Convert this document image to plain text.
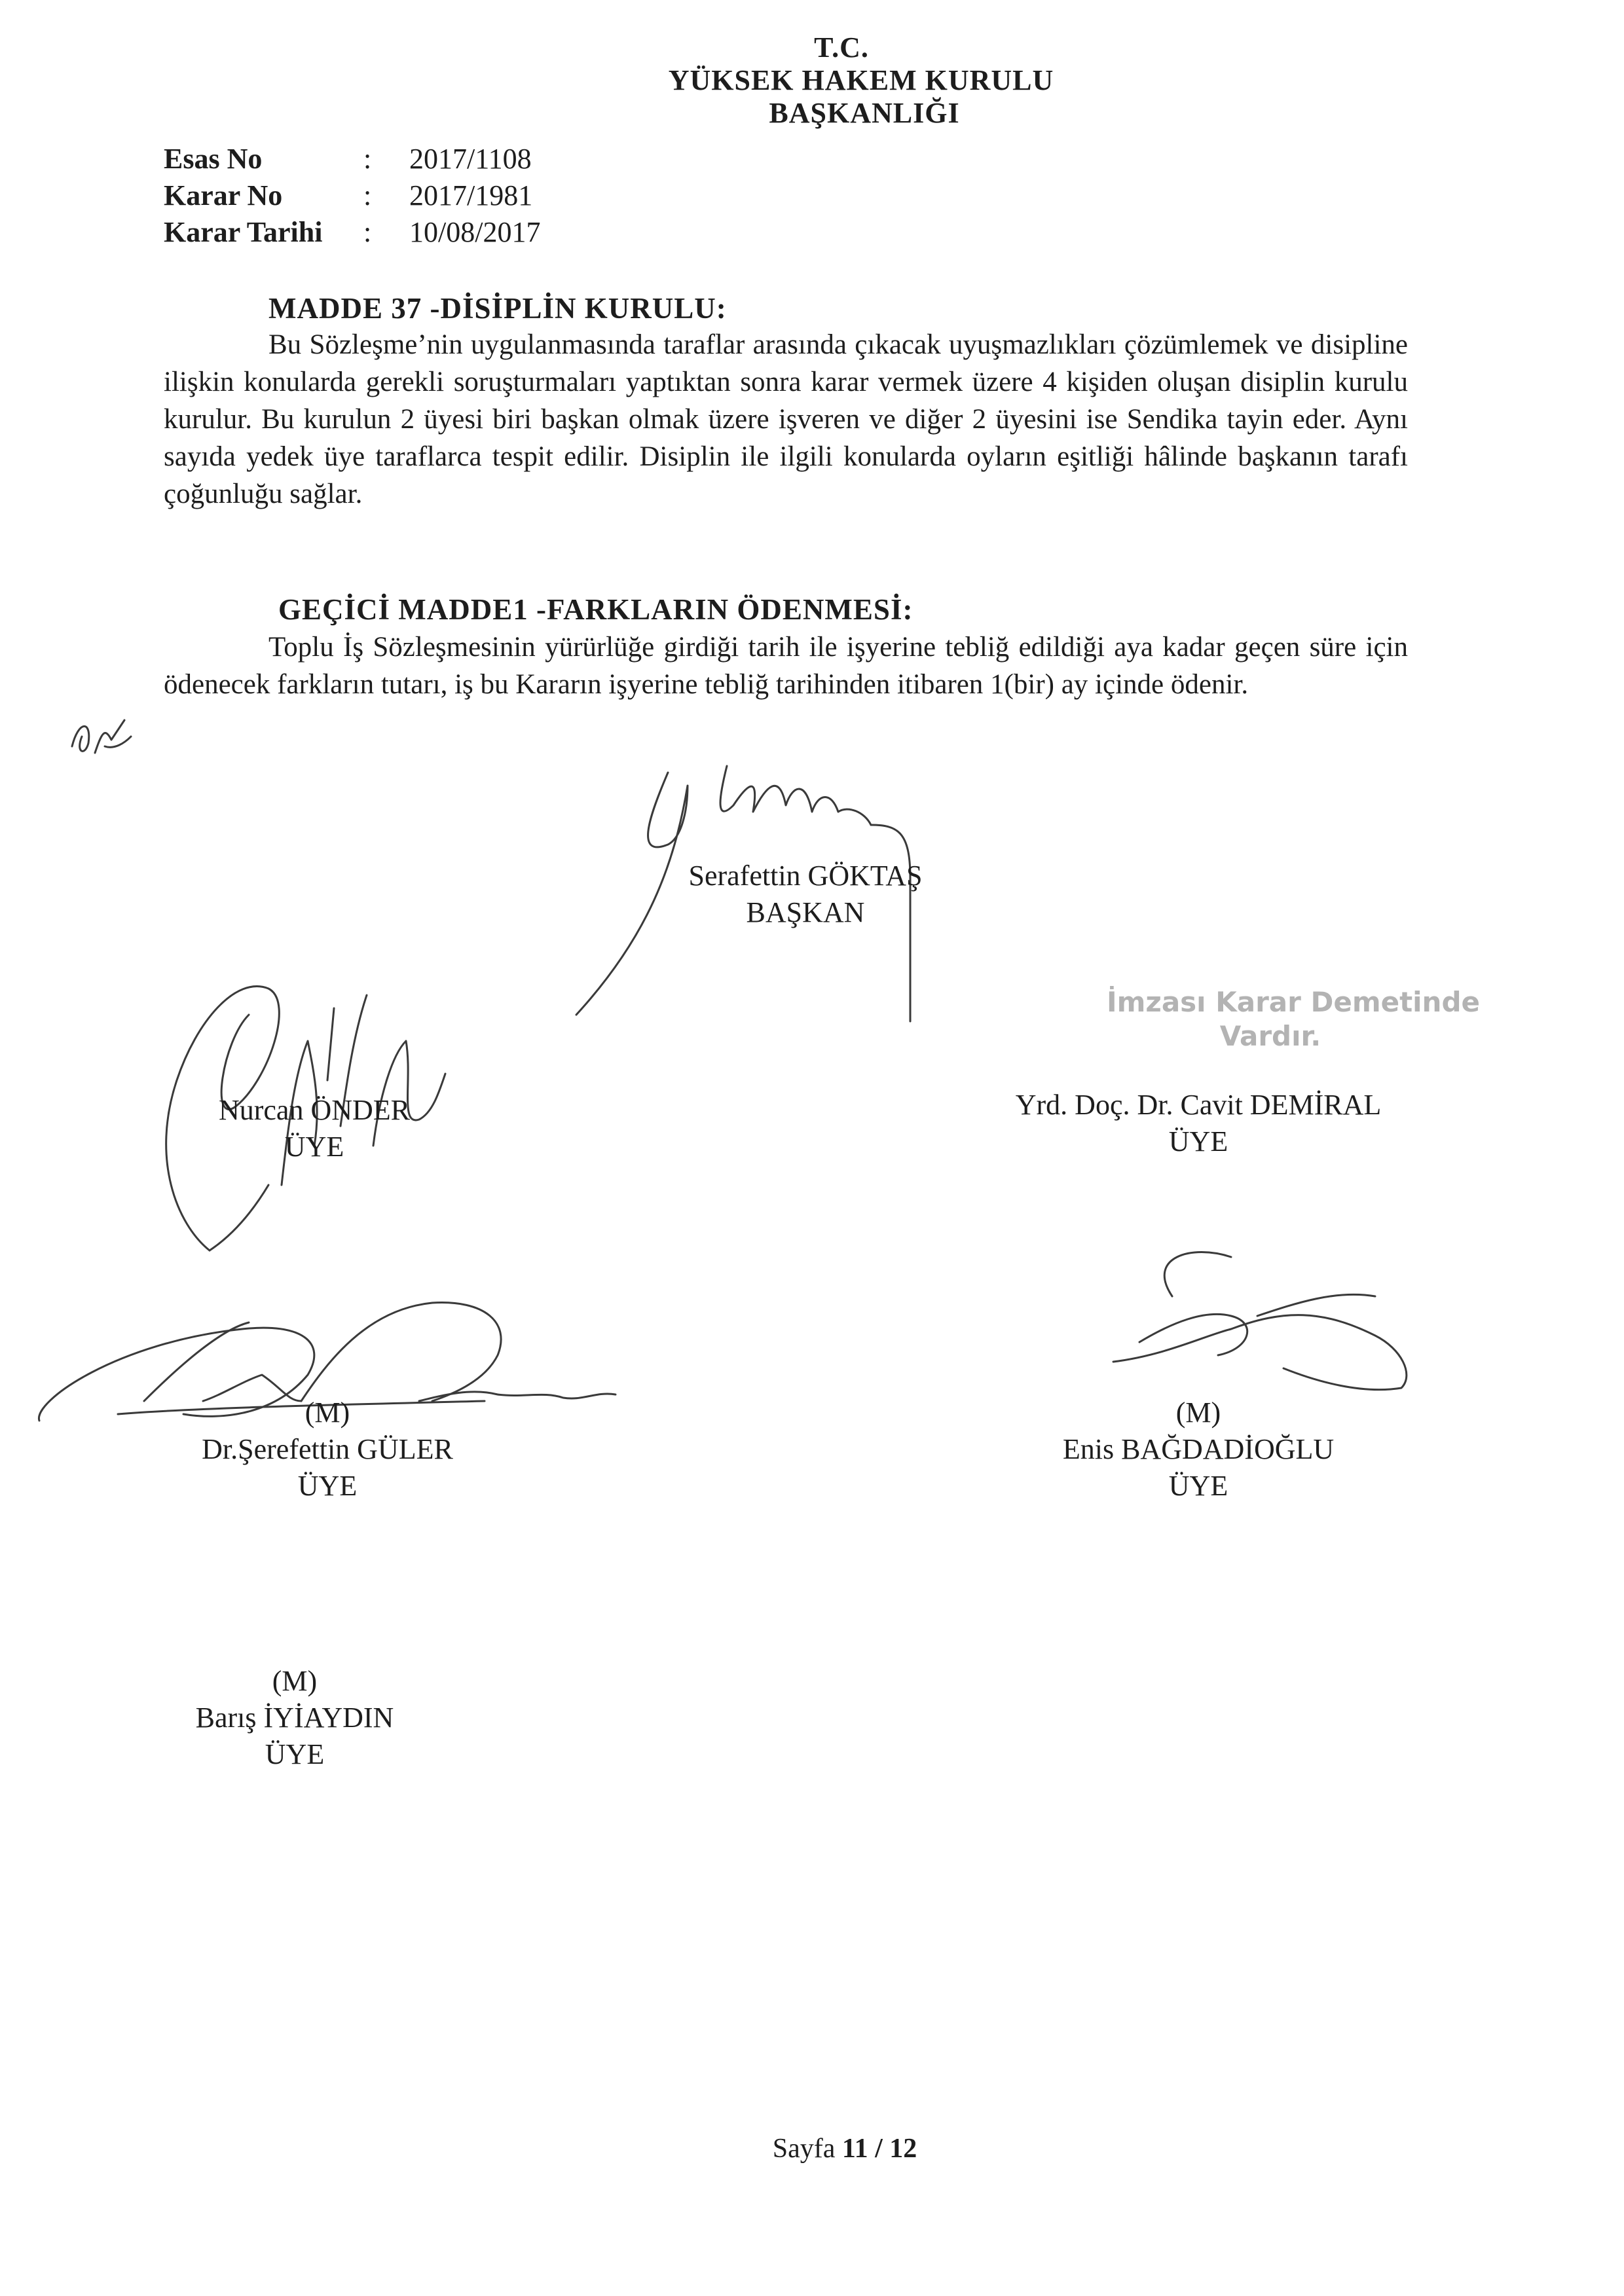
T.C.
YÜKSEK HAKEM KURULU
BAŞKANLIĞI
Esas No	: 2017/1108
Karar No	: 2017/1981
Karar Tarihi : 10/08/2017
MADDE 37 -DİSİPLİN KURULU:
Bu Sözleşme’nin uygulanmasında taraflar arasında çıkacak uyuşmazlıkları çözümlemek ve disipline ilişkin konularda gerekli soruşturmaları yaptıktan sonra karar vermek üzere 4 kişiden oluşan disiplin kurulu kurulur. Bu kurulun 2 üyesi biri başkan olmak üzere işveren ve diğer 2 üyesini ise Sendika tayin eder. Aynı sayıda yedek üye taraflarca tespit edilir. Disiplin ile ilgili konularda oyların eşitliği hâlinde başkanın tarafı çoğunluğu sağlar.
GEÇİCİ MADDE1 -FARKLARIN ÖDENMESİ:
Toplu İş Sözleşmesinin yürürlüğe girdiği tarih ile işyerine tebliğ edildiği aya kadar geçen süre için ödenecek farkların tutarı, iş bu Kararın işyerine tebliğ tarihinden itibaren 1(bir) ay içinde ödenir.
Serafettin GÖKTAŞ
BAŞKAN
Nurcan ÖNDER
ÜYE
İmzası Karar Demetinde
Vardır.
Yrd. Doç. Dr. Cavit DEMİRAL
ÜYE
(M)
Dr.Şerefettin GÜLER
ÜYE
(M)
Enis BAĞDADİOĞLU
ÜYE
(M)
Barış İYİAYDIN
ÜYE
Sayfa 11 / 12
